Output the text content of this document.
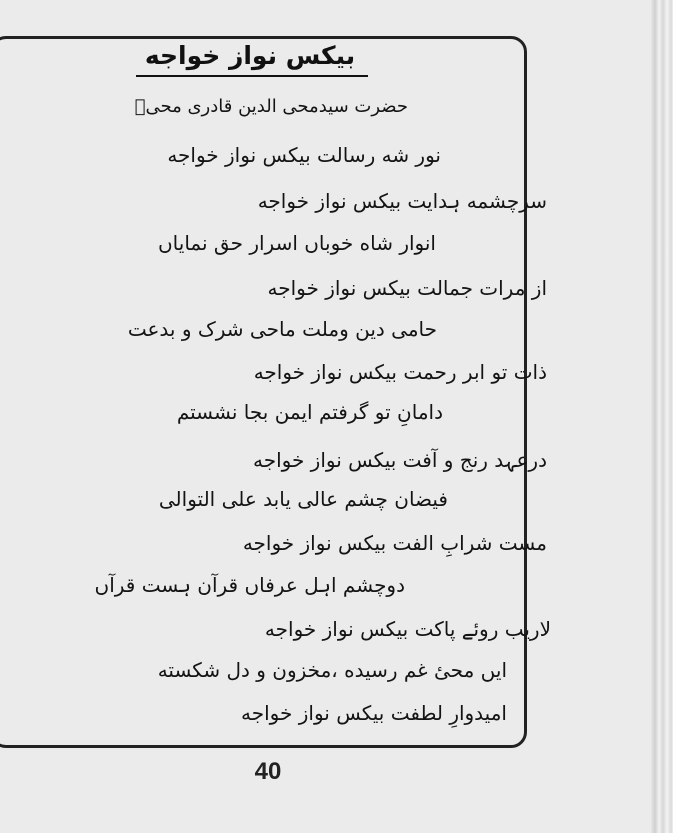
بیکس نواز خواجه
حضرت سیدمحی الدین قادری محیؔ
نور شه رسالت بیکس نواز خواجه
سرچشمه ہدایت بیکس نواز خواجه
انوار شاه خوباں اسرار حق نمایاں
از مرات جمالت بیکس نواز خواجه
حامی دین وملت ماحی شرک و بدعت
ذات تو ابر رحمت بیکس نواز خواجه
دامانِ تو گرفتم ایمن بجا نشستم
درعہد رنج و آفت بیکس نواز خواجه
فیضان چشم عالی یابد علی التوالی
مست شرابِ الفت بیکس نواز خواجه
دوچشم اہل عرفاں قرآن ہست قرآں
لاریب روئے پاکت بیکس نواز خواجه
ایں محیٔ غم رسیده ،مخزون و دل شکسته
امیدوارِ لطفت بیکس نواز خواجه
40
